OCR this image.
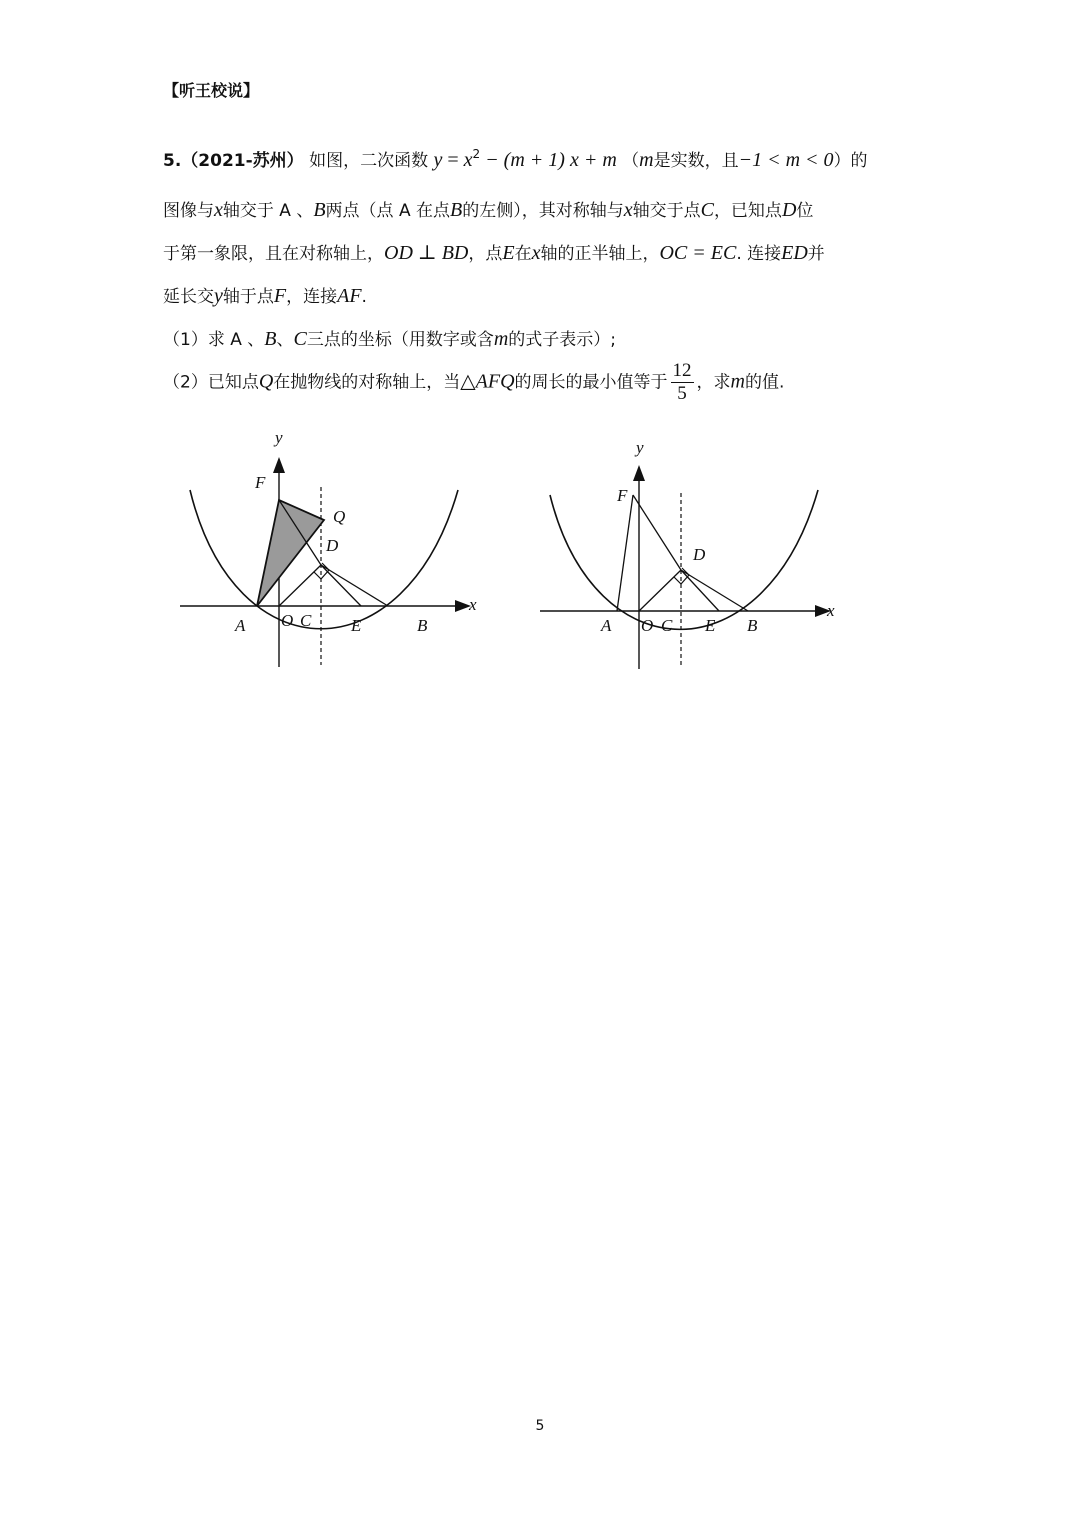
【听王校说】
5.（2021-苏州） 如图，二次函数 $y = x^2 - (m + 1) x + m$ （m是实数，且−1 < m < 0）的
图像与x轴交于 A 、B两点（点 A 在点B的左侧），其对称轴与x轴交于点C，已知点D位
于第一象限，且在对称轴上，OD ⊥ BD，点E在x轴的正半轴上，OC = EC. 连接ED并
延长交y轴于点F，连接AF.
（1）求 A 、B、C三点的坐标（用数字或含m的式子表示）;
（2）已知点Q在抛物线的对称轴上，当△AFQ的周长的最小值等于 $\frac{12}{5}$ ，求m的值.
y
x
F
Q
D
A O C E	B
y
x
F
D
A O C E B
5
